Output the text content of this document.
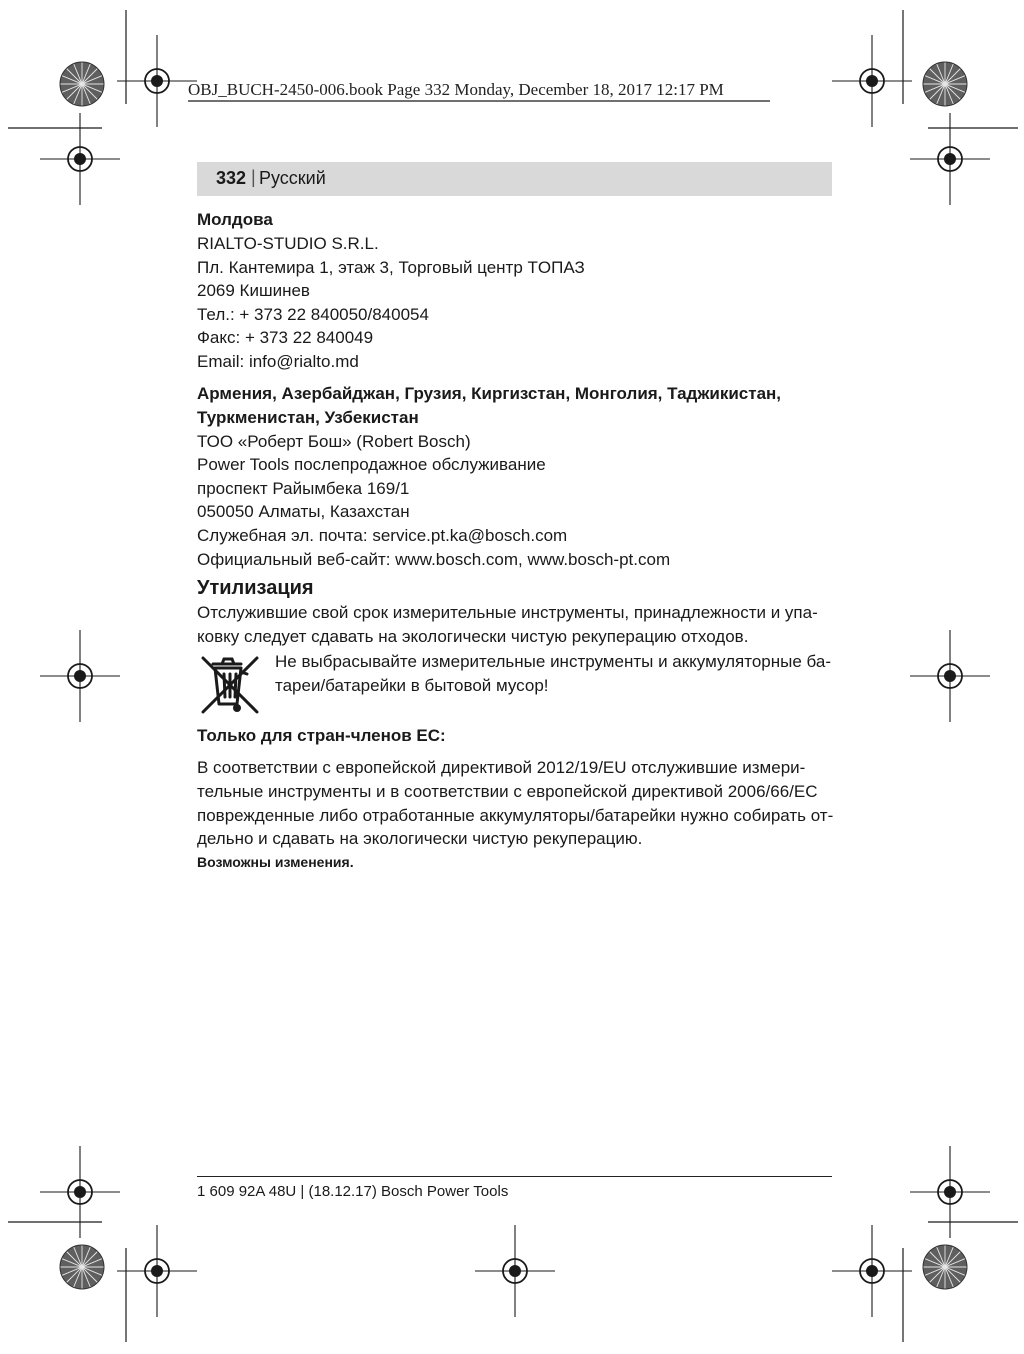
OBJ_BUCH-2450-006.book Page 332 Monday, December 18, 2017 12:17 PM
332 | Русский

Молдова

RIALTO-STUDIO S.R.L.

Пл. Кантемира 1, этаж 3, Торговый центр ТOПАЗ

2069 Кишинев

Тел.: + 373 22 840050/840054

Факс: + 373 22 840049

Email: info@rialto.md

Армения, Азербайджан, Грузия, Киргизстан, Монголия, Таджикистан,

Туркменистан, Узбекистан

ТОО «Роберт Бош» (Robert Bosch)

Power Tools послепродажное обслуживание

проспект Райымбека 169/1

050050 Алматы, Казахстан

Служебная эл. почта: service.pt.ka@bosch.com

Официальный веб-сайт: www.bosch.com, www.bosch-pt.com

Утилизация

Отслужившие свой срок измерительные инструменты, принадлежности и упа-

ковку следует сдавать на экологически чистую рекуперацию отходов.

Не выбрасывайте измерительные инструменты и аккумуляторные ба-

тареи/батарейки в бытовой мусор!

Только для стран-членов ЕС:

В соответствии с европейской директивой 2012/19/EU отслужившие измери-

тельные инструменты и в соответствии с европейской директивой 2006/66/EC

поврежденные либо отработанные аккумуляторы/батарейки нужно собирать от-

дельно и сдавать на экологически чистую рекуперацию.

Возможны изменения.

1 609 92A 48U | (18.12.17) Bosch Power Tools
